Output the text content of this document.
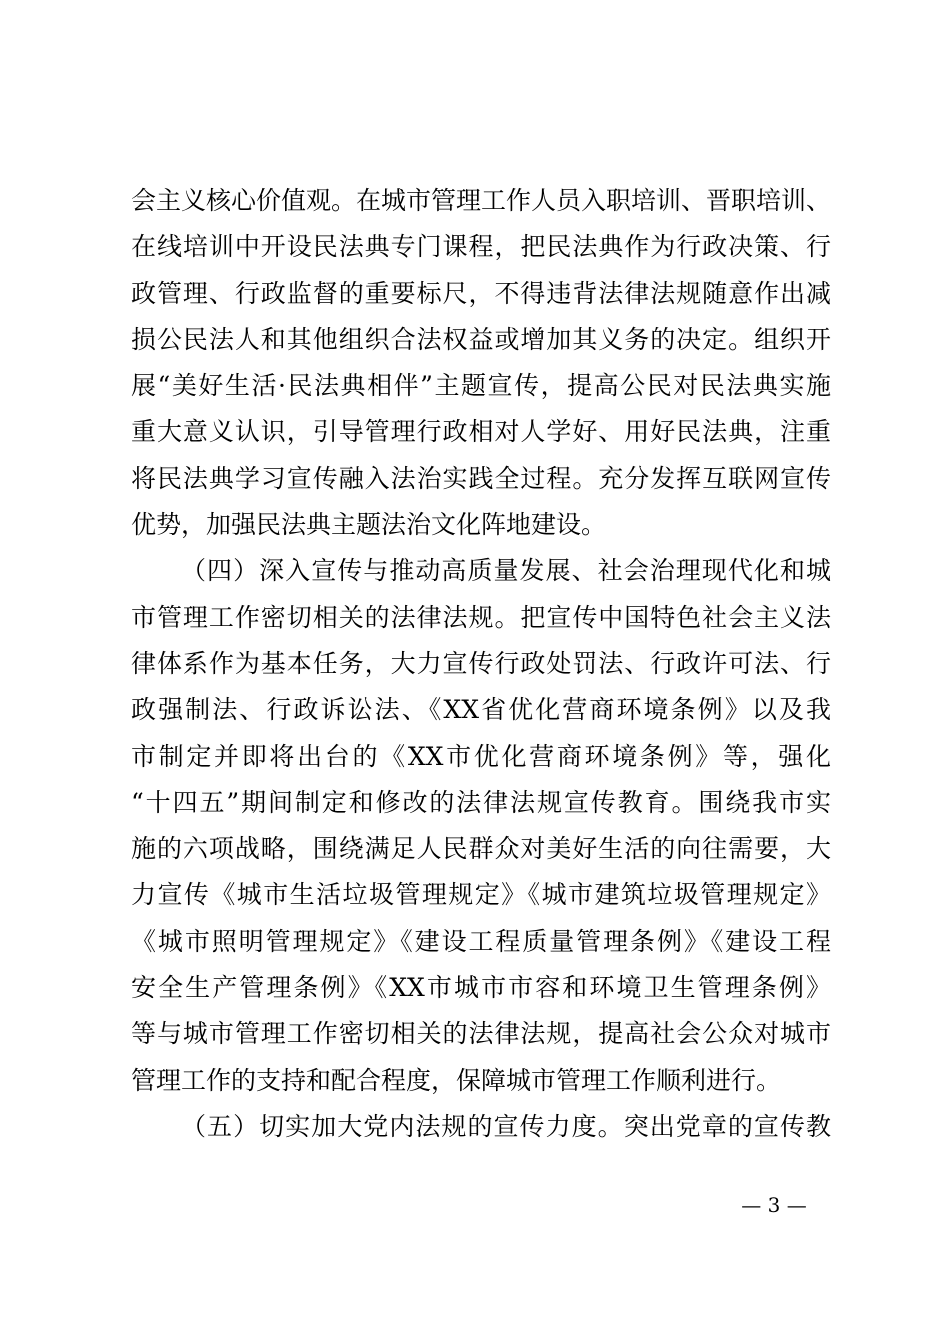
会主义核心价值观。在城市管理工作人员入职培训、晋职培训、
在线培训中开设民法典专门课程，把民法典作为行政决策、行
政管理、行政监督的重要标尺，不得违背法律法规随意作出减
损公民法人和其他组织合法权益或增加其义务的决定。组织开
展“美好生活·民法典相伴”主题宣传，提高公民对民法典实施
重大意义认识，引导管理行政相对人学好、用好民法典，注重
将民法典学习宣传融入法治实践全过程。充分发挥互联网宣传
优势，加强民法典主题法治文化阵地建设。
（四）深入宣传与推动高质量发展、社会治理现代化和城
市管理工作密切相关的法律法规。把宣传中国特色社会主义法
律体系作为基本任务，大力宣传行政处罚法、行政许可法、行
政强制法、行政诉讼法、《XX省优化营商环境条例》以及我
市制定并即将出台的《XX市优化营商环境条例》等，强化
“十四五”期间制定和修改的法律法规宣传教育。围绕我市实
施的六项战略，围绕满足人民群众对美好生活的向往需要，大
力宣传《城市生活垃圾管理规定》《城市建筑垃圾管理规定》
《城市照明管理规定》《建设工程质量管理条例》《建设工程
安全生产管理条例》《XX市城市市容和环境卫生管理条例》
等与城市管理工作密切相关的法律法规，提高社会公众对城市
管理工作的支持和配合程度，保障城市管理工作顺利进行。
（五）切实加大党内法规的宣传力度。突出党章的宣传教
— 3 —
